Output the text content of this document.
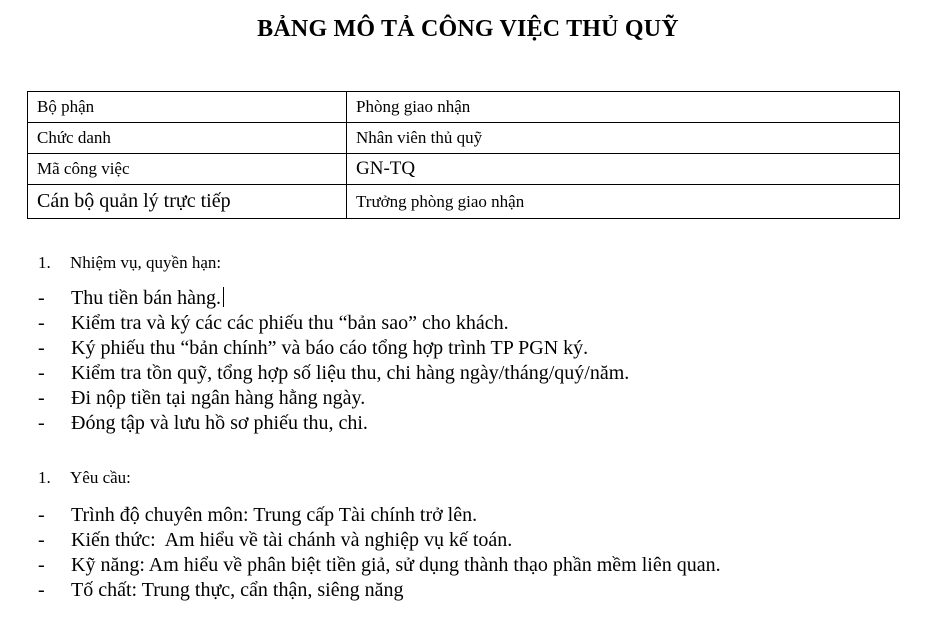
BẢNG MÔ TẢ CÔNG VIỆC THỦ QUỸ
Bộ phận	Phòng giao nhận
Chức danh	Nhân viên thủ quỹ
Mã công việc	GN-TQ
Cán bộ quản lý trực tiếp	Trưởng phòng giao nhận
1. Nhiệm vụ, quyền hạn:
- Thu tiền bán hàng.
- Kiểm tra và ký các các phiếu thu “bản sao” cho khách.
- Ký phiếu thu “bản chính” và báo cáo tổng hợp trình TP PGN ký.
- Kiểm tra tồn quỹ, tổng hợp số liệu thu, chi hàng ngày/tháng/quý/năm.
- Đi nộp tiền tại ngân hàng hằng ngày.
- Đóng tập và lưu hồ sơ phiếu thu, chi.
1. Yêu cầu:
- Trình độ chuyên môn: Trung cấp Tài chính trở lên.
- Kiến thức:  Am hiểu về tài chánh và nghiệp vụ kế toán.
- Kỹ năng: Am hiểu về phân biệt tiền giả, sử dụng thành thạo phần mềm liên quan.
- Tố chất: Trung thực, cẩn thận, siêng năng
